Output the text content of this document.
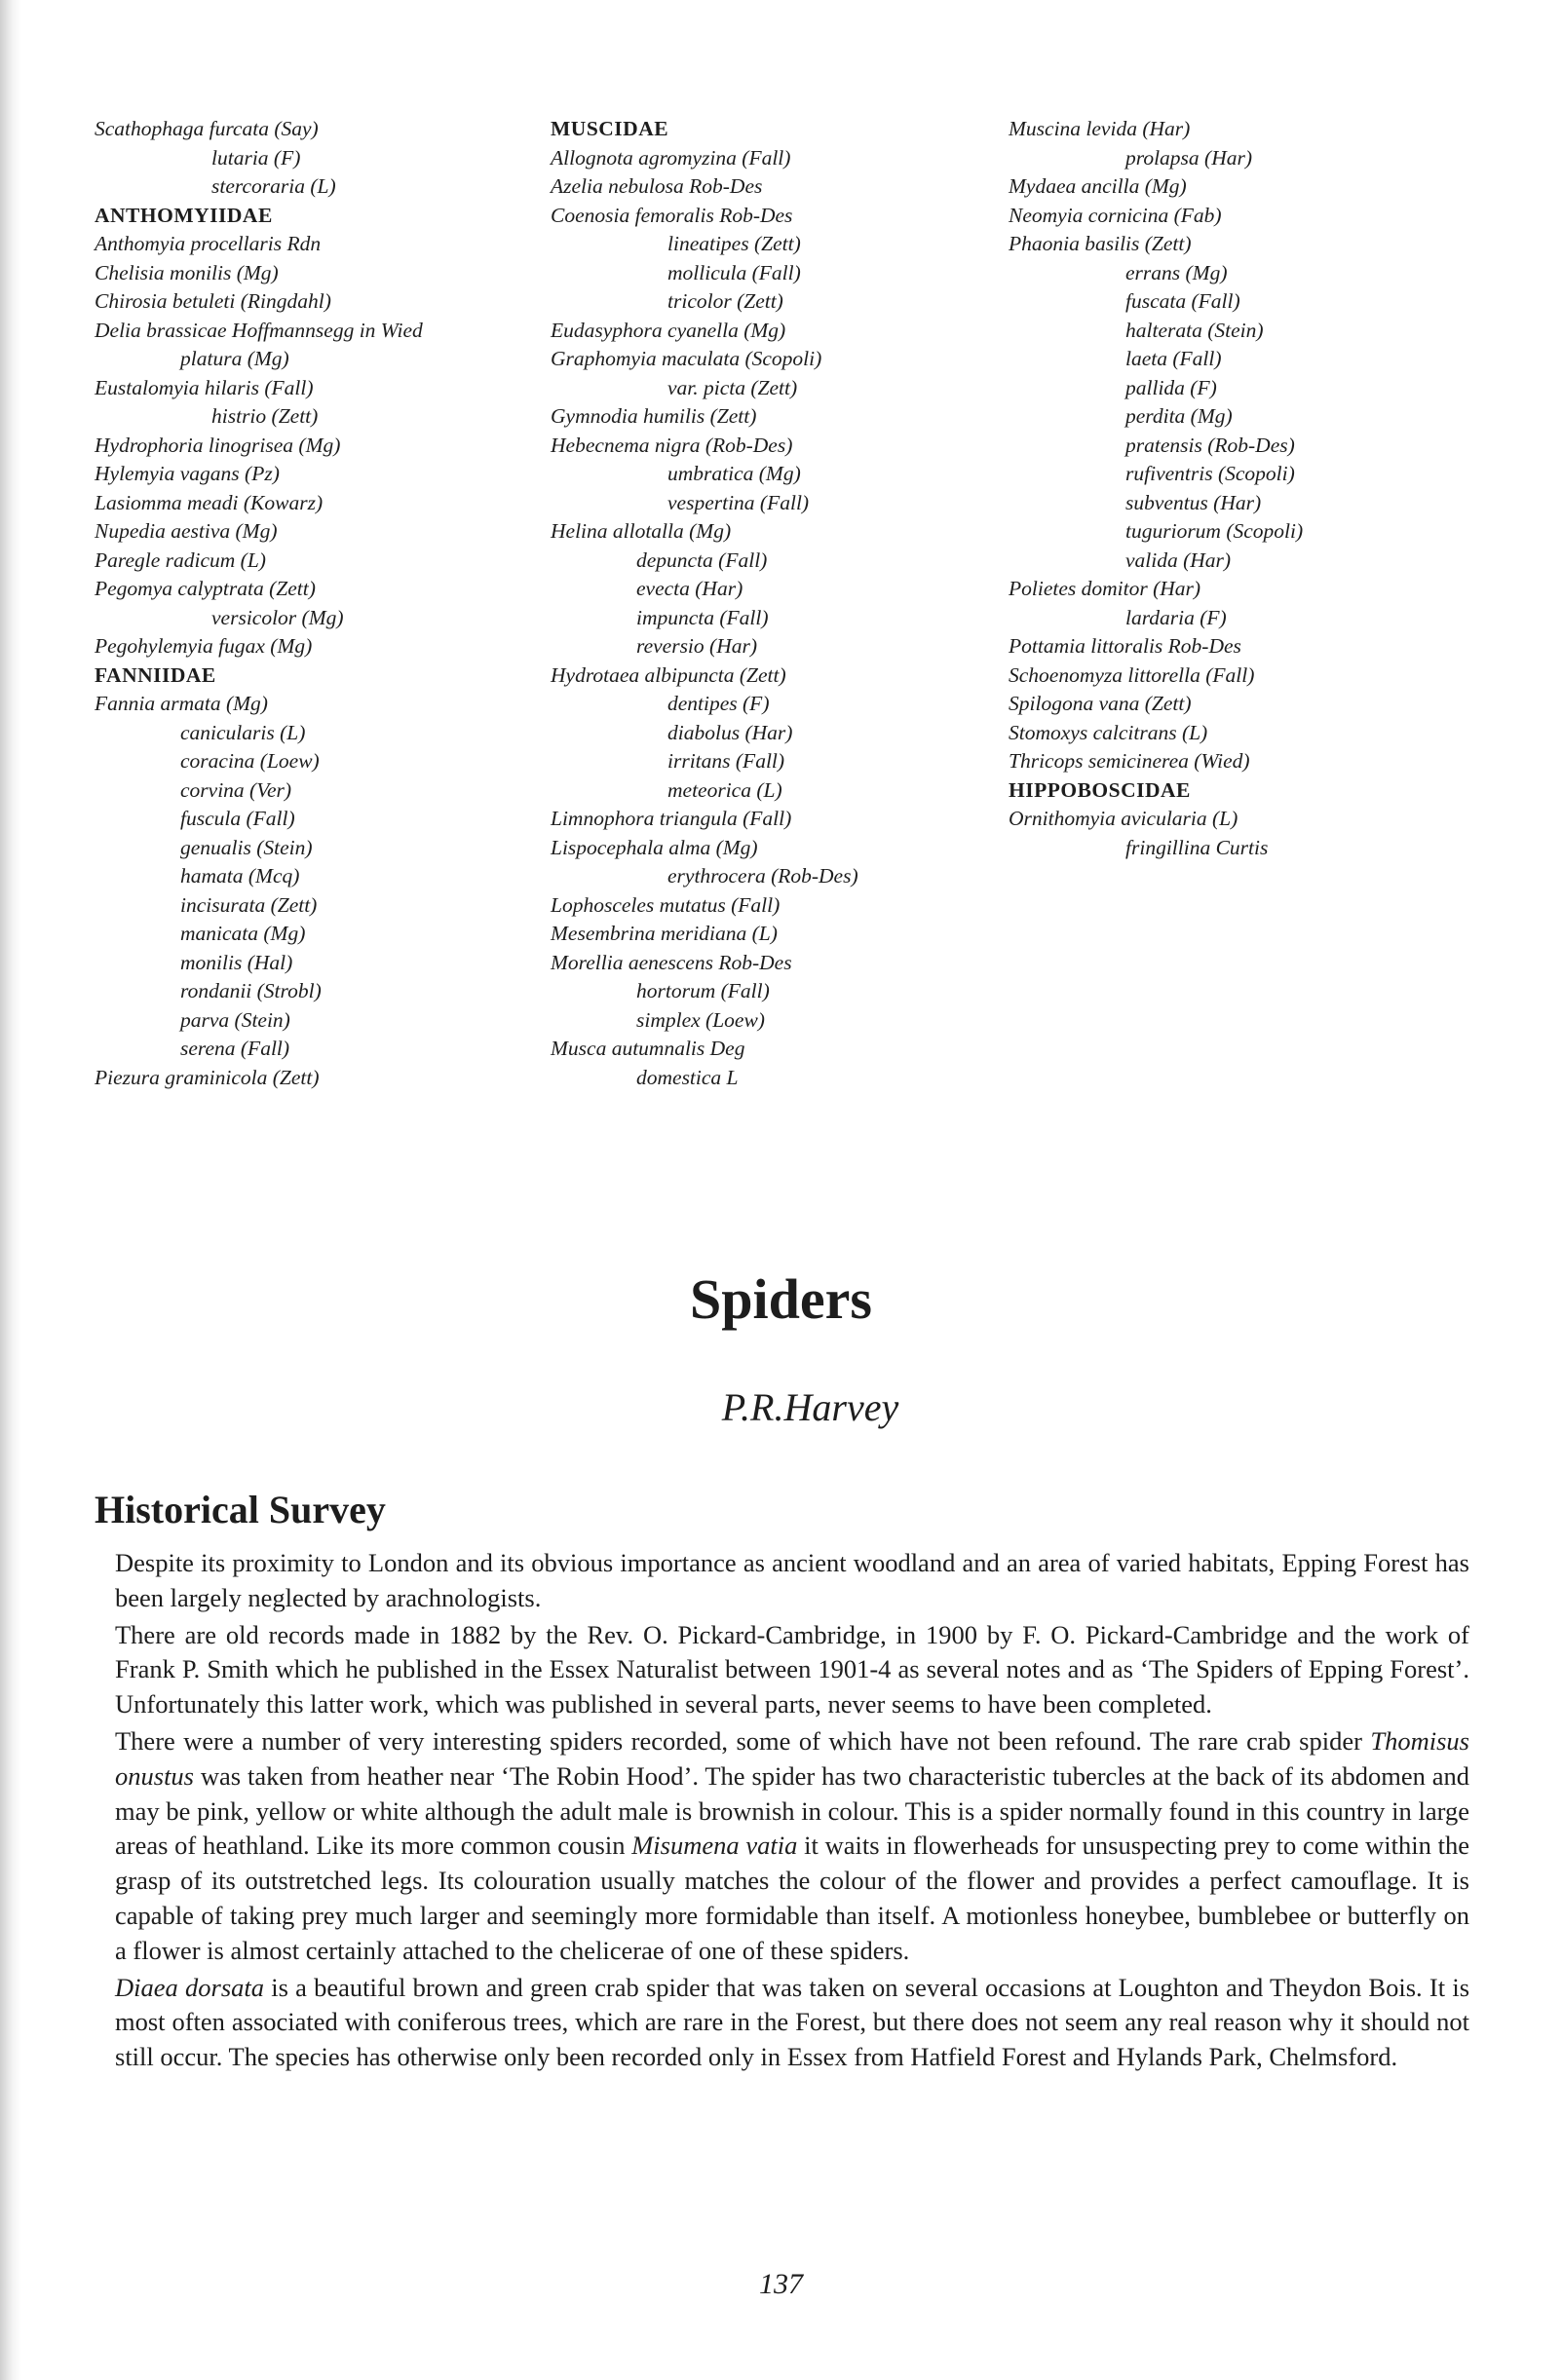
Scathophaga furcata (Say)
lutaria (F)
stercoraria (L)
ANTHOMYIIDAE
Anthomyia procellaris Rdn
Chelisia monilis (Mg)
Chirosia betuleti (Ringdahl)
Delia brassicae Hoffmannsegg in Wied
platura (Mg)
Eustalomyia hilaris (Fall)
histrio (Zett)
Hydrophoria linogrisea (Mg)
Hylemyia vagans (Pz)
Lasiomma meadi (Kowarz)
Nupedia aestiva (Mg)
Paregle radicum (L)
Pegomya calyptrata (Zett)
versicolor (Mg)
Pegohylemyia fugax (Mg)
FANNIIDAE
Fannia armata (Mg)
canicularis (L)
coracina (Loew)
corvina (Ver)
fuscula (Fall)
genualis (Stein)
hamata (Mcq)
incisurata (Zett)
manicata (Mg)
monilis (Hal)
rondanii (Strobl)
parva (Stein)
serena (Fall)
Piezura graminicola (Zett)
MUSCIDAE
Allognota agromyzina (Fall)
Azelia nebulosa Rob-Des
Coenosia femoralis Rob-Des
lineatipes (Zett)
mollicula (Fall)
tricolor (Zett)
Eudasyphora cyanella (Mg)
Graphomyia maculata (Scopoli)
var. picta (Zett)
Gymnodia humilis (Zett)
Hebecnema nigra (Rob-Des)
umbratica (Mg)
vespertina (Fall)
Helina allotalla (Mg)
depuncta (Fall)
evecta (Har)
impuncta (Fall)
reversio (Har)
Hydrotaea albipuncta (Zett)
dentipes (F)
diabolus (Har)
irritans (Fall)
meteorica (L)
Limnophora triangula (Fall)
Lispocephala alma (Mg)
erythrocera (Rob-Des)
Lophosceles mutatus (Fall)
Mesembrina meridiana (L)
Morellia aenescens Rob-Des
hortorum (Fall)
simplex (Loew)
Musca autumnalis Deg
domestica L
Muscina levida (Har)
prolapsa (Har)
Mydaea ancilla (Mg)
Neomyia cornicina (Fab)
Phaonia basilis (Zett)
errans (Mg)
fuscata (Fall)
halterata (Stein)
laeta (Fall)
pallida (F)
perdita (Mg)
pratensis (Rob-Des)
rufiventris (Scopoli)
subventus (Har)
tuguriorum (Scopoli)
valida (Har)
Polietes domitor (Har)
lardaria (F)
Pottamia littoralis Rob-Des
Schoenomyza littorella (Fall)
Spilogona vana (Zett)
Stomoxys calcitrans (L)
Thricops semicinerea (Wied)
HIPPOBOSCIDAE
Ornithomyia avicularia (L)
fringillina Curtis
Spiders
P.R.Harvey
Historical Survey

Despite its proximity to London and its obvious importance as ancient woodland and an area of varied habitats, Epping Forest has been largely neglected by arachnologists.

There are old records made in 1882 by the Rev. O. Pickard-Cambridge, in 1900 by F. O. Pickard-Cambridge and the work of Frank P. Smith which he published in the Essex Naturalist between 1901-4 as several notes and as ‘The Spiders of Epping Forest’. Unfortunately this latter work, which was published in several parts, never seems to have been completed.

There were a number of very interesting spiders recorded, some of which have not been refound. The rare crab spider Thomisus onustus was taken from heather near ‘The Robin Hood’. The spider has two characteristic tubercles at the back of its abdomen and may be pink, yellow or white although the adult male is brownish in colour. This is a spider normally found in this country in large areas of heathland. Like its more common cousin Misumena vatia it waits in flowerheads for unsuspecting prey to come within the grasp of its outstretched legs. Its colouration usually matches the colour of the flower and provides a perfect camouflage. It is capable of taking prey much larger and seemingly more formidable than itself. A motionless honeybee, bumblebee or butterfly on a flower is almost certainly attached to the chelicerae of one of these spiders.

Diaea dorsata is a beautiful brown and green crab spider that was taken on several occasions at Loughton and Theydon Bois. It is most often associated with coniferous trees, which are rare in the Forest, but there does not seem any real reason why it should not still occur. The species has otherwise only been recorded only in Essex from Hatfield Forest and Hylands Park, Chelmsford.

137
